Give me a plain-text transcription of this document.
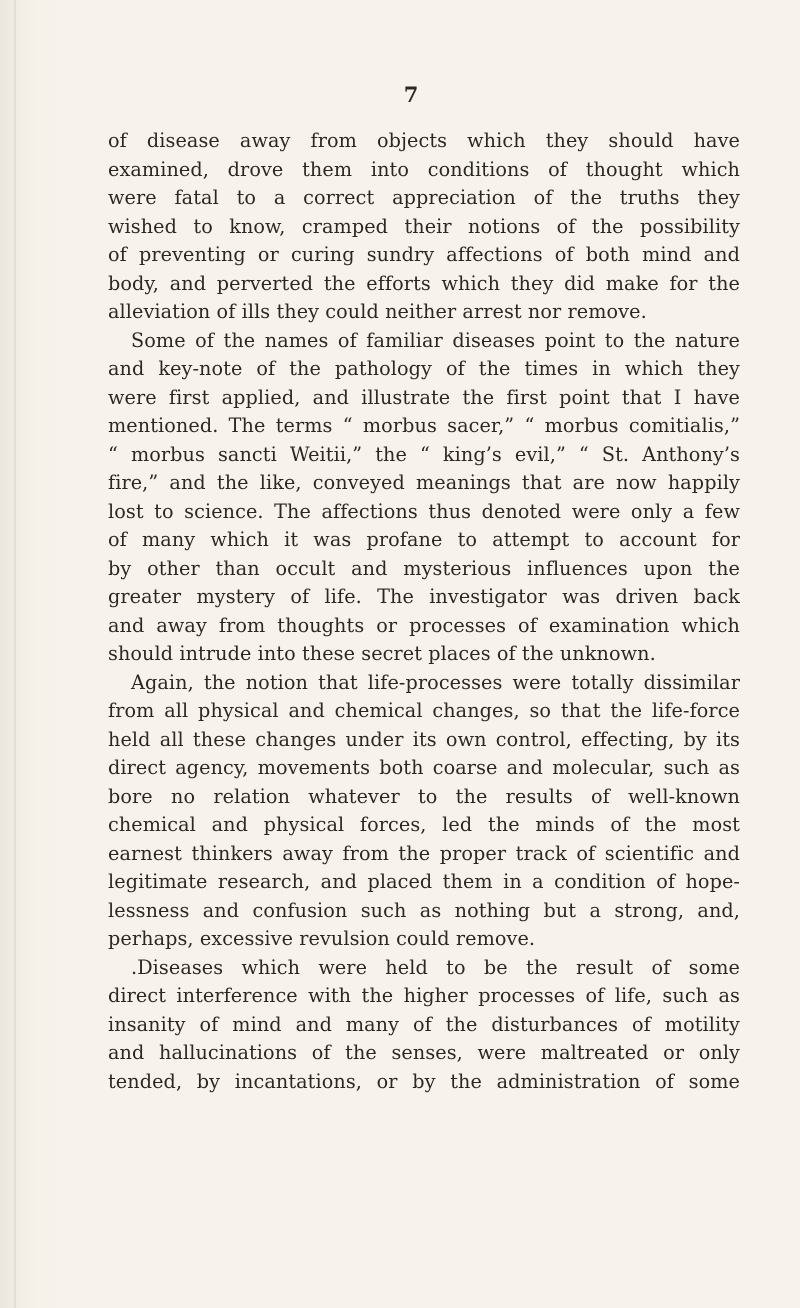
7
of disease away from objects which they should have
examined, drove them into conditions of thought which
were fatal to a correct appreciation of the truths they
wished to know, cramped their notions of the possibility
of preventing or curing sundry affections of both mind and
body, and perverted the efforts which they did make for the
alleviation of ills they could neither arrest nor remove.
Some of the names of familiar diseases point to the nature
and key-note of the pathology of the times in which they
were first applied, and illustrate the first point that I have
mentioned. The terms “ morbus sacer,” “ morbus comitialis,”
“ morbus sancti Weitii,” the “ king’s evil,” “ St. Anthony’s
fire,” and the like, conveyed meanings that are now happily
lost to science. The affections thus denoted were only a few
of many which it was profane to attempt to account for
by other than occult and mysterious influences upon the
greater mystery of life. The investigator was driven back
and away from thoughts or processes of examination which
should intrude into these secret places of the unknown.
Again, the notion that life-processes were totally dissimilar
from all physical and chemical changes, so that the life-force
held all these changes under its own control, effecting, by its
direct agency, movements both coarse and molecular, such as
bore no relation whatever to the results of well-known
chemical and physical forces, led the minds of the most
earnest thinkers away from the proper track of scientific and
legitimate research, and placed them in a condition of hope-
lessness and confusion such as nothing but a strong, and,
perhaps, excessive revulsion could remove.
.Diseases which were held to be the result of some
direct interference with the higher processes of life, such as
insanity of mind and many of the disturbances of motility
and hallucinations of the senses, were maltreated or only
tended, by incantations, or by the administration of some
